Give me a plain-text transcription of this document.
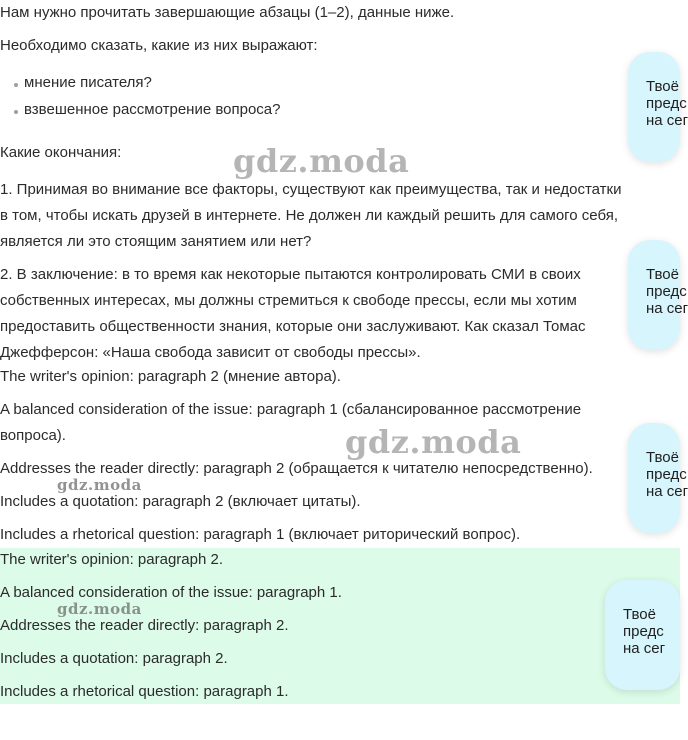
Нам нужно прочитать завершающие абзацы (1–2), данные ниже.
Необходимо сказать, какие из них выражают:
мнение писателя?
взвешенное рассмотрение вопроса?
Какие окончания:
1. Принимая во внимание все факторы, существуют как преимущества, так и недостатки
в том, чтобы искать друзей в интернете. Не должен ли каждый решить для самого себя,
является ли это стоящим занятием или нет?
2. В заключение: в то время как некоторые пытаются контролировать СМИ в своих
собственных интересах, мы должны стремиться к свободе прессы, если мы хотим
предоставить общественности знания, которые они заслуживают. Как сказал Томас
Джефферсон: «Наша свобода зависит от свободы прессы».
The writer's opinion: paragraph 2 (мнение автора).
A balanced consideration of the issue: paragraph 1 (сбалансированное рассмотрение
вопроса).
Addresses the reader directly: paragraph 2 (обращается к читателю непосредственно).
Includes a quotation: paragraph 2 (включает цитаты).
Includes a rhetorical question: paragraph 1 (включает риторический вопрос).
The writer's opinion: paragraph 2.
A balanced consideration of the issue: paragraph 1.
Addresses the reader directly: paragraph 2.
Includes a quotation: paragraph 2.
Includes a rhetorical question: paragraph 1.
gdz.moda
gdz.moda
gdz.moda
gdz.moda
Твоё
предс
на сег
Твоё
предс
на сег
Твоё
предс
на сег
Твоё
предс
на сег
